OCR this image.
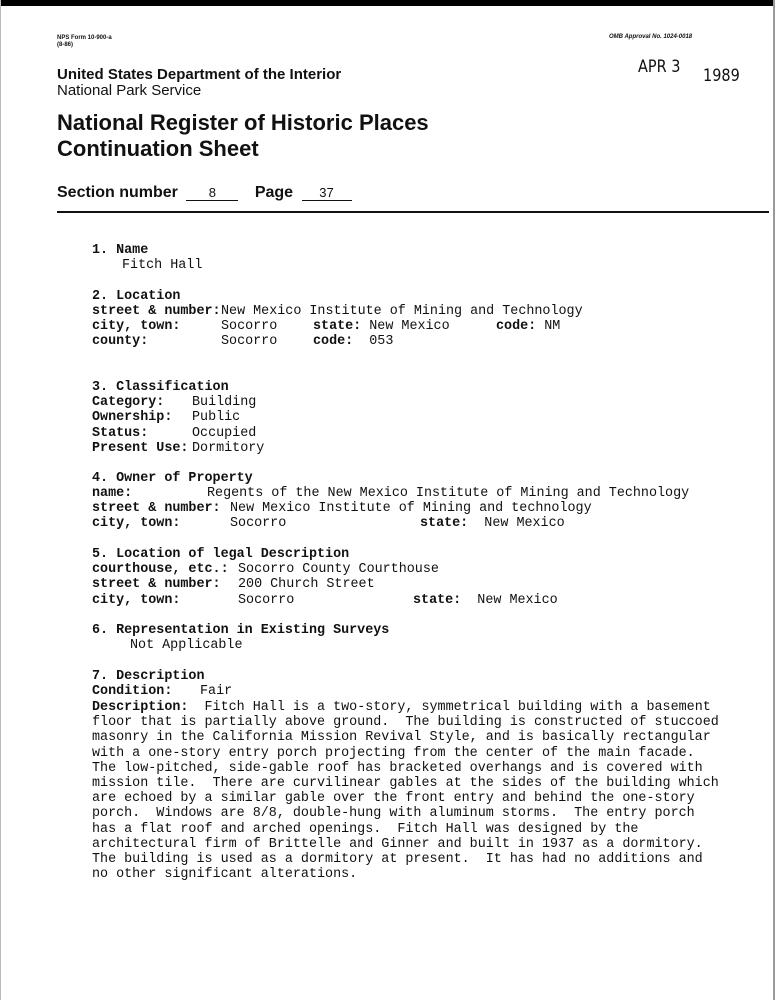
NPS Form 10-900-a
(8-86)
OMB Approval No. 1024-0018
APR 3 1989
United States Department of the Interior
National Park Service
National Register of Historic Places
Continuation Sheet
Section number 8 Page 37
1. Name
Fitch Hall
2. Location
street & number: New Mexico Institute of Mining and Technology
city, town:	Socorro	state: New Mexico	code: NM
county:	Socorro	code: 053
3. Classification
Category: Building
Ownership: Public
Status:	Occupied
Present Use: Dormitory
4. Owner of Property
name:	Regents of the New Mexico Institute of Mining and Technology
street & number: New Mexico Institute of Mining and technology
city, town:	Socorro	state: New Mexico
5. Location of legal Description
courthouse, etc.: Socorro County Courthouse
street & number: 200 Church Street
city, town:	Socorro	state: New Mexico
6. Representation in Existing Surveys
Not Applicable
7. Description
Condition: Fair
Description: Fitch Hall is a two-story, symmetrical building with a basement
floor that is partially above ground.  The building is constructed of stuccoed
masonry in the California Mission Revival Style, and is basically rectangular
with a one-story entry porch projecting from the center of the main facade.
The low-pitched, side-gable roof has bracketed overhangs and is covered with
mission tile.  There are curvilinear gables at the sides of the building which
are echoed by a similar gable over the front entry and behind the one-story
porch.  Windows are 8/8, double-hung with aluminum storms.  The entry porch
has a flat roof and arched openings.  Fitch Hall was designed by the
architectural firm of Brittelle and Ginner and built in 1937 as a dormitory.
The building is used as a dormitory at present.  It has had no additions and
no other significant alterations.
